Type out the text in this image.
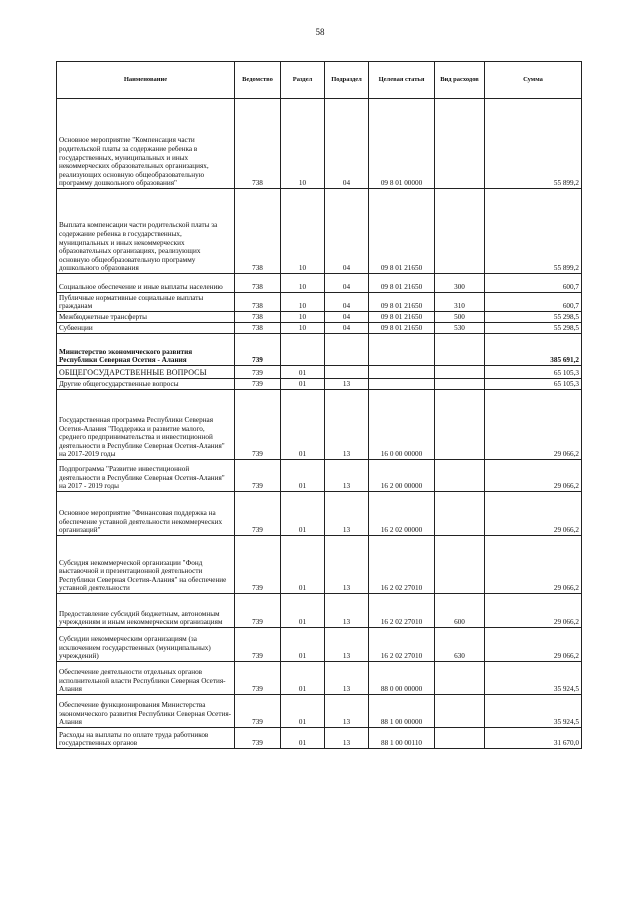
58
Наименование	Ведомство	Раздел	Подраздел	Целевая статья	Вид расходов	Сумма
Основное мероприятие "Компенсация части родительской платы за содержание ребенка в государственных, муниципальных и иных некоммерческих образовательных организациях, реализующих основную общеобразовательную программу дошкольного образования"	738	10	04	09 8 01 00000		55 899,2
Выплата компенсации части родительской платы за содержание ребенка в государственных, муниципальных и иных некоммерческих образовательных организациях, реализующих основную общеобразовательную программу дошкольного образования	738	10	04	09 8 01 21650		55 899,2
Социальное обеспечение и иные выплаты населению	738	10	04	09 8 01 21650	300	600,7
Публичные нормативные социальные выплаты гражданам	738	10	04	09 8 01 21650	310	600,7
Межбюджетные трансферты	738	10	04	09 8 01 21650	500	55 298,5
Субвенции	738	10	04	09 8 01 21650	530	55 298,5
Министерство экономического развития Республики Северная Осетия - Алания	739					385 691,2
ОБЩЕГОСУДАРСТВЕННЫЕ ВОПРОСЫ	739	01				65 105,3
Другие общегосударственные вопросы	739	01	13			65 105,3
Государственная программа Республики Северная Осетия-Алания "Поддержка и развитие малого, среднего предпринимательства и инвестиционной деятельности в Республике Северная Осетия-Алания" на 2017-2019 годы	739	01	13	16 0 00 00000		29 066,2
Подпрограмма "Развитие инвестиционной деятельности в Республике Северная Осетия-Алания" на 2017 - 2019 годы	739	01	13	16 2 00 00000		29 066,2
Основное мероприятие "Финансовая поддержка на обеспечение уставной деятельности некоммерческих организаций"	739	01	13	16 2 02 00000		29 066,2
Субсидия некоммерческой организации "Фонд выставочной и презентационной деятельности Республики Северная Осетия-Алания" на обеспечение уставной деятельности	739	01	13	16 2 02 27010		29 066,2
Предоставление субсидий бюджетным, автономным учреждениям и иным некоммерческим организациям	739	01	13	16 2 02 27010	600	29 066,2
Субсидии некоммерческим организациям (за исключением государственных (муниципальных) учреждений)	739	01	13	16 2 02 27010	630	29 066,2
Обеспечение деятельности отдельных органов исполнительной власти Республики Северная Осетия-Алания	739	01	13	88 0 00 00000		35 924,5
Обеспечение функционирования Министерства экономического развития Республики Северная Осетия-Алания	739	01	13	88 1 00 00000		35 924,5
Расходы на выплаты по оплате труда работников государственных органов	739	01	13	88 1 00 00110		31 670,0
